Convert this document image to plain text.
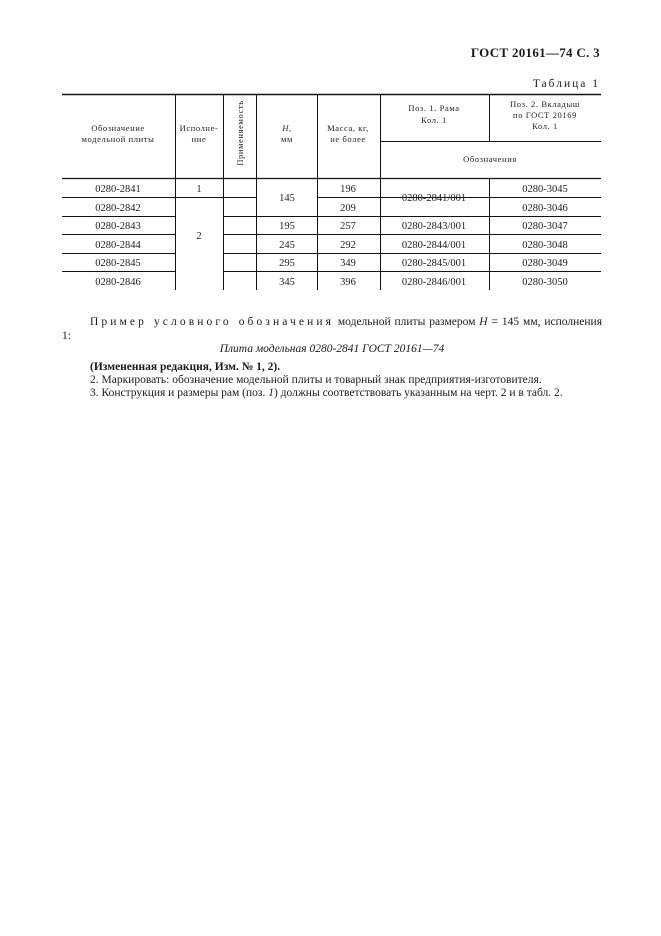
ГОСТ 20161—74 С. 3
Таблица 1
Обозначение
модельной плиты
Исполне-
ние	Применяемость	H,
мм
Масса, кг,
не более
Поз. 1. Рама
Кол. 1
Поз. 2. Вкладыш
по ГОСТ 20169
Кол. 1
Обозначения
0280-2841
0280-2842
0280-2843
0280-2844
0280-2845
0280-2846
1
2
145
195
245
295
345
196
209
257
292
349
396
0280-2841/001
0280-2843/001
0280-2844/001
0280-2845/001
0280-2846/001
0280-3045
0280-3046
0280-3047
0280-3048
0280-3049
0280-3050
Пример условного обозначения модельной плиты размером H = 145 мм, исполнения 1:
Плита модельная 0280-2841 ГОСТ 20161—74
(Измененная редакция, Изм. № 1, 2).
2. Маркировать: обозначение модельной плиты и товарный знак предприятия-изготовителя.
3. Конструкция и размеры рам (поз. 1) должны соответствовать указанным на черт. 2 и в табл. 2.
